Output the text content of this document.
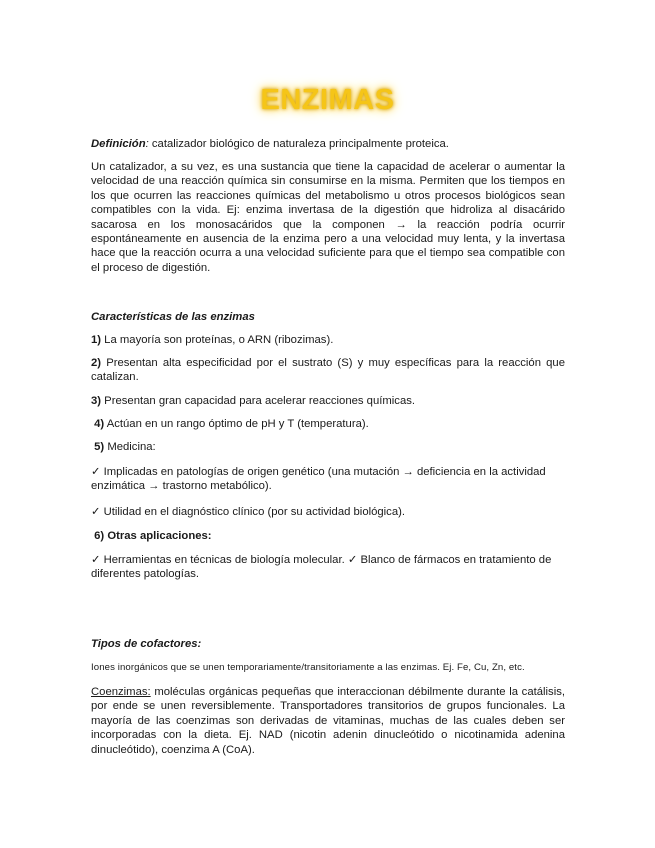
ENZIMAS

Definición: catalizador biológico de naturaleza principalmente proteica.

Un catalizador, a su vez, es una sustancia que tiene la capacidad de acelerar o aumentar la velocidad de una reacción química sin consumirse en la misma. Permiten que los tiempos en los que ocurren las reacciones químicas del metabolismo u otros procesos biológicos sean compatibles con la vida. Ej: enzima invertasa de la digestión que hidroliza al disacárido sacarosa en los monosacáridos que la componen → la reacción podría ocurrir espontáneamente en ausencia de la enzima pero a una velocidad muy lenta, y la invertasa hace que la reacción ocurra a una velocidad suficiente para que el tiempo sea compatible con el proceso de digestión.

Características de las enzimas

1) La mayoría son proteínas, o ARN (ribozimas).

2) Presentan alta especificidad por el sustrato (S) y muy específicas para la reacción que catalizan.

3) Presentan gran capacidad para acelerar reacciones químicas.

4) Actúan en un rango óptimo de pH y T (temperatura).

5) Medicina:

✓ Implicadas en patologías de origen genético (una mutación → deficiencia en la actividad enzimática → trastorno metabólico).

✓ Utilidad en el diagnóstico clínico (por su actividad biológica).

6) Otras aplicaciones:

✓ Herramientas en técnicas de biología molecular. ✓ Blanco de fármacos en tratamiento de diferentes patologías.

Tipos de cofactores:

Iones inorgánicos que se unen temporariamente/transitoriamente a las enzimas. Ej. Fe, Cu, Zn, etc.

Coenzimas: moléculas orgánicas pequeñas que interaccionan débilmente durante la catálisis, por ende se unen reversiblemente. Transportadores transitorios de grupos funcionales. La mayoría de las coenzimas son derivadas de vitaminas, muchas de las cuales deben ser incorporadas con la dieta. Ej. NAD (nicotin adenin dinucleótido o nicotinamida adenina dinucleótido), coenzima A (CoA).
